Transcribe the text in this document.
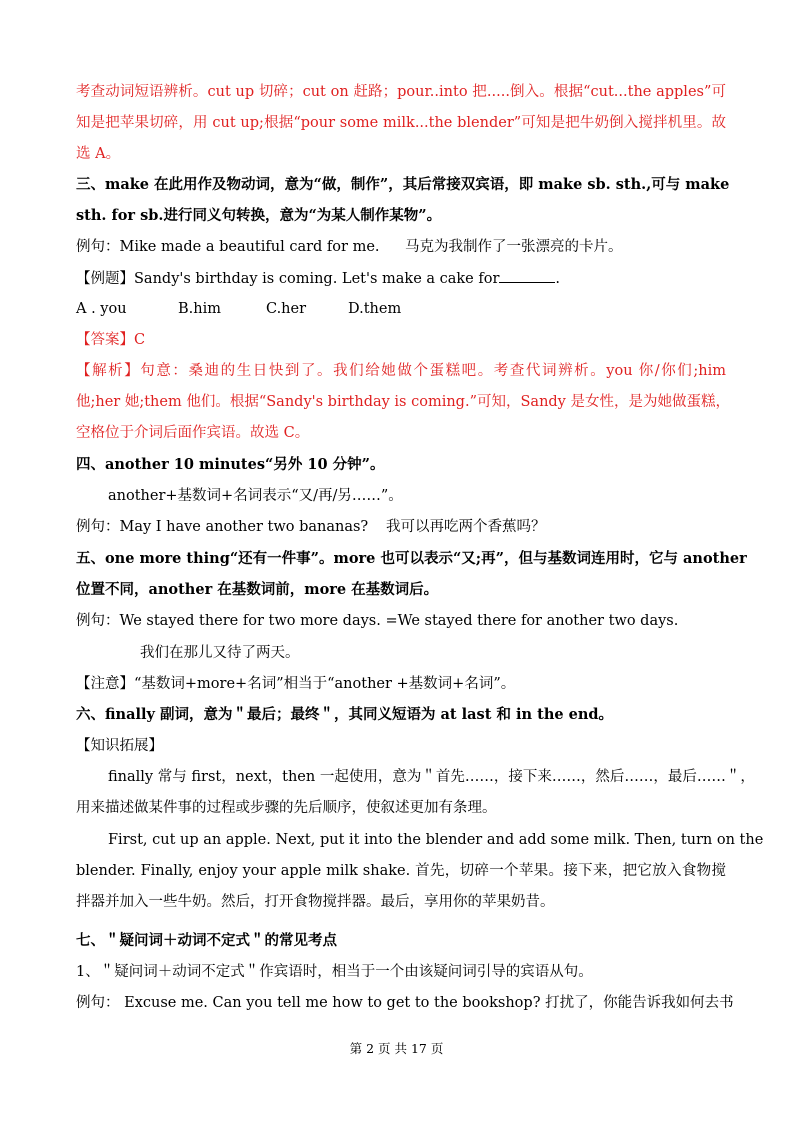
考查动词短语辨析。cut up 切碎；cut on 赶路；pour..into 把.....倒入。根据“cut...the apples”可
知是把苹果切碎，用 cut up;根据“pour some milk...the blender”可知是把牛奶倒入搅拌机里。故
选 A。
三、make 在此用作及物动词，意为“做，制作”，其后常接双宾语，即 make sb. sth.,可与 make
sth. for sb.进行同义句转换，意为“为某人制作某物”。
例句：Mike made a beautiful card for me. 马克为我制作了一张漂亮的卡片。
【例题】Sandy's birthday is coming. Let's make a cake for	.
A . you	B.him	C.her	D.them
【答案】C
【解析】句意：桑迪的生日快到了。我们给她做个蛋糕吧。考查代词辨析。you 你/你们;him
他;her 她;them 他们。根据“Sandy's birthday is coming.”可知，Sandy 是女性，是为她做蛋糕，
空格位于介词后面作宾语。故选 C。
四、another 10 minutes“另外 10 分钟”。
another+基数词+名词表示“又/再/另……”。
例句：May I have another two bananas? 我可以再吃两个香蕉吗？
五、one more thing“还有一件事”。more 也可以表示“又;再”，但与基数词连用时，它与 another
位置不同，another 在基数词前，more 在基数词后。
例句：We stayed there for two more days. =We stayed there for another two days.
我们在那儿又待了两天。
【注意】“基数词+more+名词”相当于“another +基数词+名词”。
六、finally 副词，意为＂最后；最终＂，其同义短语为 at last 和 in the end。
【知识拓展】
finally 常与 first，next，then 一起使用，意为＂首先……，接下来……，然后……，最后……＂，
用来描述做某件事的过程或步骤的先后顺序，使叙述更加有条理。
First, cut up an apple. Next, put it into the blender and add some milk. Then, turn on the
blender. Finally, enjoy your apple milk shake. 首先，切碎一个苹果。接下来，把它放入食物搅
拌器并加入一些牛奶。然后，打开食物搅拌器。最后，享用你的苹果奶昔。
七、＂疑问词＋动词不定式＂的常见考点
1、＂疑问词＋动词不定式＂作宾语时，相当于一个由该疑问词引导的宾语从句。
例句： Excuse me. Can you tell me how to get to the bookshop? 打扰了，你能告诉我如何去书
第 2 页 共 17 页
